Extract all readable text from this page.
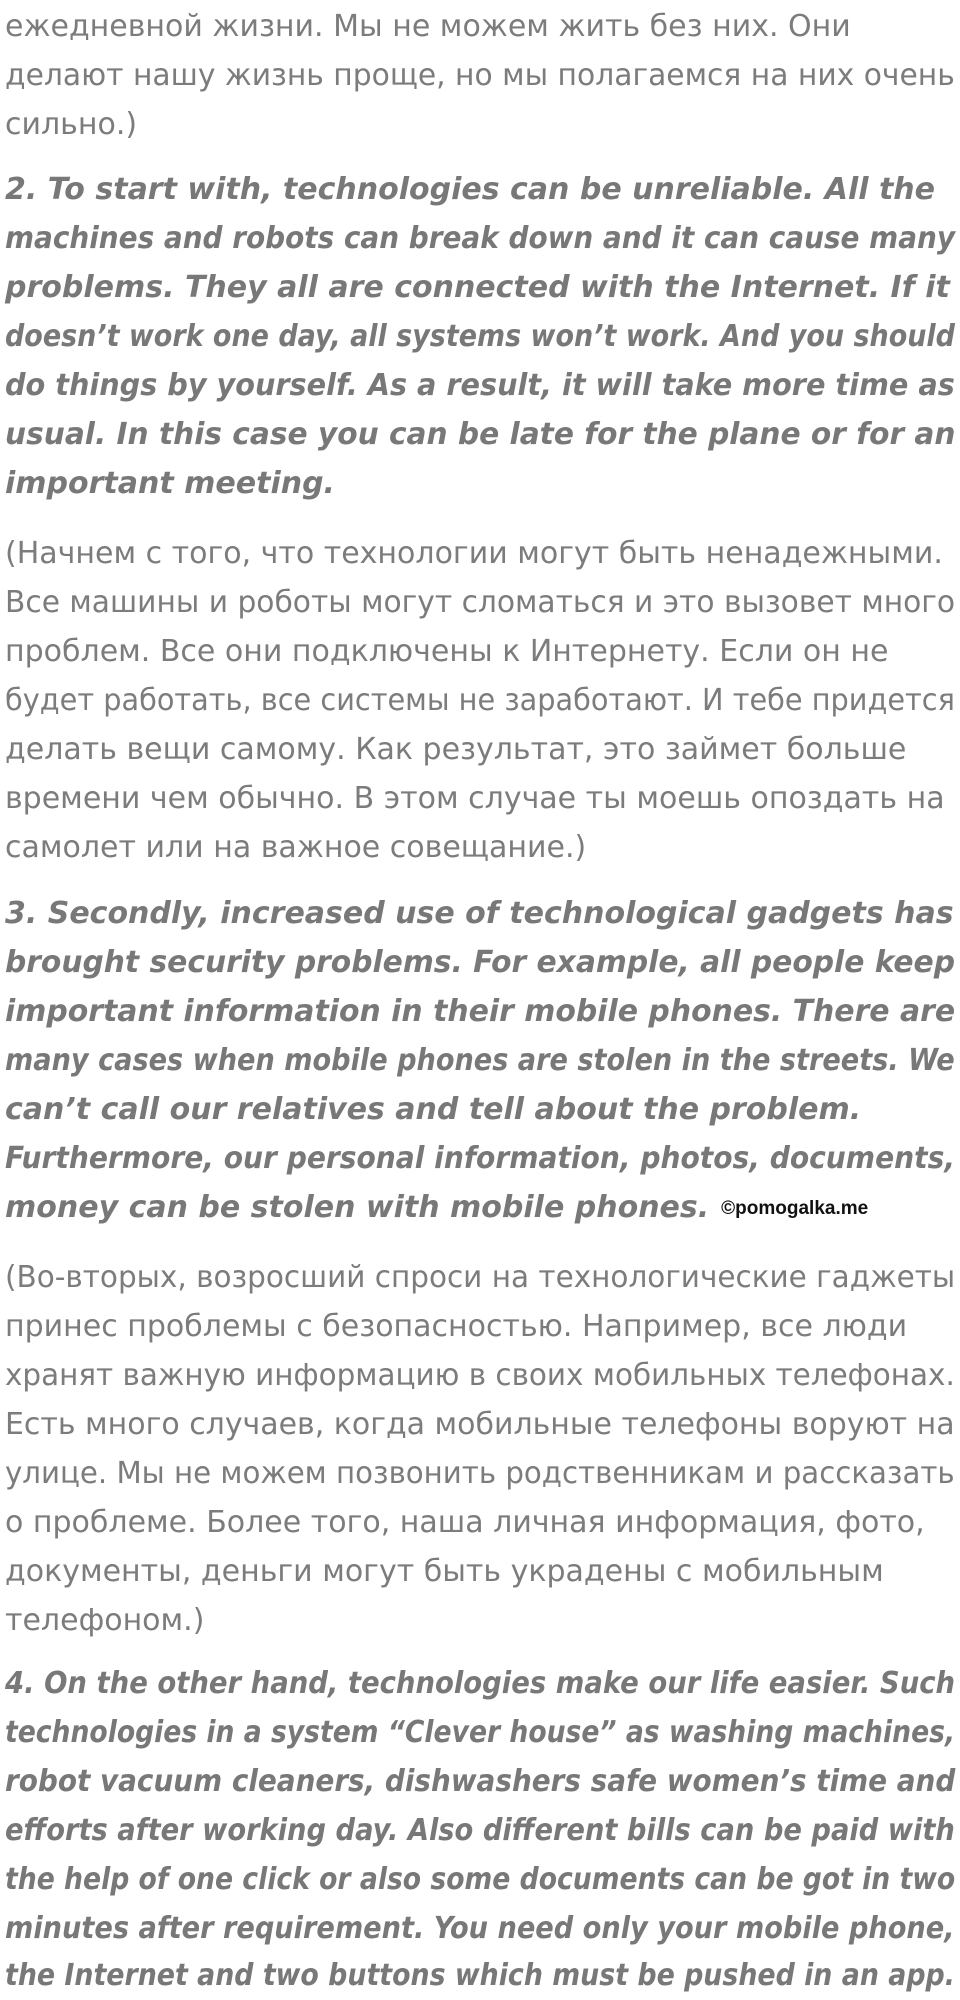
ежедневной жизни. Мы не можем жить без них. Они
делают нашу жизнь проще, но мы полагаемся на них очень
сильно.)
2. To start with, technologies can be unreliable. All the
machines and robots can break down and it can cause many
problems. They all are connected with the Internet. If it
doesn’t work one day, all systems won’t work. And you should
do things by yourself. As a result, it will take more time as
usual. In this case you can be late for the plane or for an
important meeting.
(Начнем с того, что технологии могут быть ненадежными.
Все машины и роботы могут сломаться и это вызовет много
проблем. Все они подключены к Интернету. Если он не
будет работать, все системы не заработают. И тебе придется
делать вещи самому. Как результат, это займет больше
времени чем обычно. В этом случае ты моешь опоздать на
самолет или на важное совещание.)
3. Secondly, increased use of technological gadgets has
brought security problems. For example, all people keep
important information in their mobile phones. There are
many cases when mobile phones are stolen in the streets. We
can’t call our relatives and tell about the problem.
Furthermore, our personal information, photos, documents,
money can be stolen with mobile phones. ©pomogalka.me
(Во-вторых, возросший спроси на технологические гаджеты
принес проблемы с безопасностью. Например, все люди
хранят важную информацию в своих мобильных телефонах.
Есть много случаев, когда мобильные телефоны воруют на
улице. Мы не можем позвонить родственникам и рассказать
о проблеме. Более того, наша личная информация, фото,
документы, деньги могут быть украдены с мобильным
телефоном.)
4. On the other hand, technologies make our life easier. Such
technologies in a system “Clever house” as washing machines,
robot vacuum cleaners, dishwashers safe women’s time and
efforts after working day. Also different bills can be paid with
the help of one click or also some documents can be got in two
minutes after requirement. You need only your mobile phone,
the Internet and two buttons which must be pushed in an app.
